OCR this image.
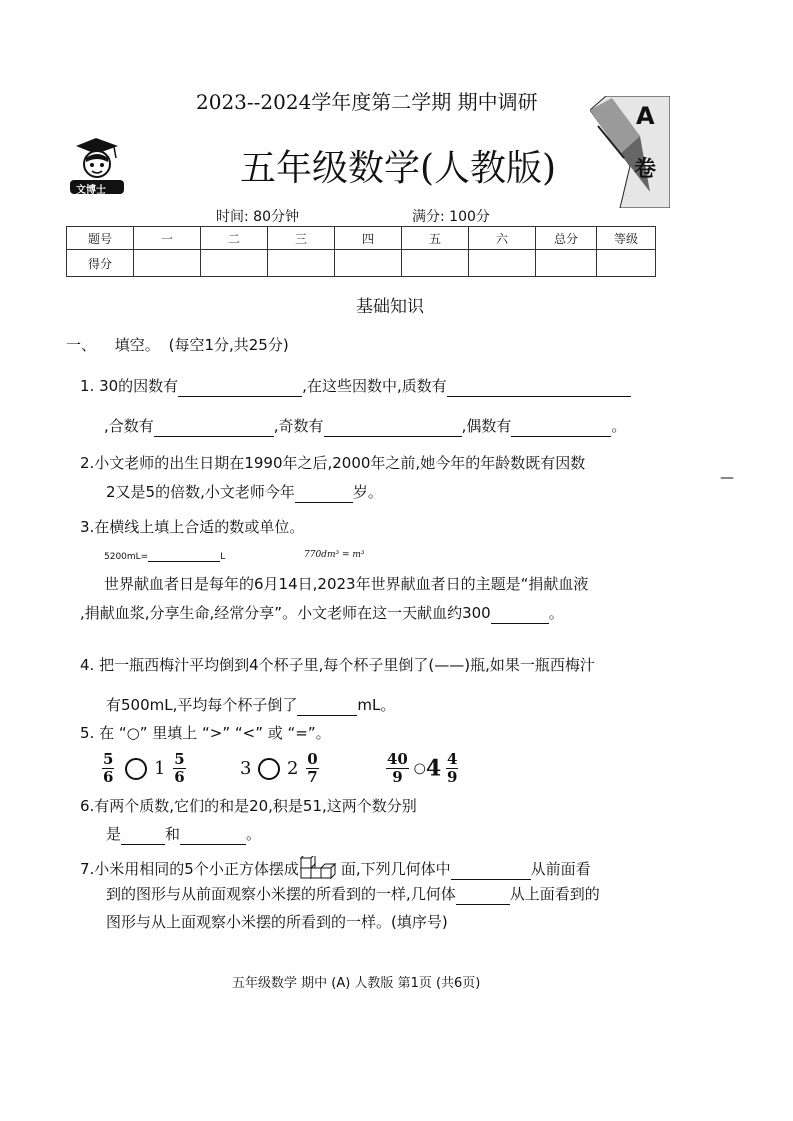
2023--2024学年度第二学期 期中调研
文博士
五年级数学(人教版)
A
卷
时间: 80分钟	满分: 100分
题号	一	二	三	四	五	六	总分	等级
得分								
基础知识
一、 填空。 (每空1分,共25分)
1. 30的因数有	,在这些因数中,质数有
,合数有	,奇数有	,偶数有	。
2.小文老师的出生日期在1990年之后,2000年之前,她今年的年龄数既有因数
2又是5的倍数,小文老师今年	岁。
—
3.在横线上填上合适的数或单位。
5200mL=	L	770dm³ = m³
世界献血者日是每年的6月14日,2023年世界献血者日的主题是“捐献血液
,捐献血浆,分享生命,经常分享”。小文老师在这一天献血约300	。
4. 把一瓶西梅汁平均倒到4个杯子里,每个杯子里倒了(——)瓶,如果一瓶西梅汁
有500mL,平均每个杯子倒了	mL。
5. 在 “○” 里填上 “>” “<” 或 “=”。
$\frac{5}{6} 1 \frac{5}{6}$	3 $2 \frac{0}{7}$	$\frac{40}{9}$ ○4 $\frac{4}{9}$
6.有两个质数,它们的和是20,积是51,这两个数分别
是	和	。
7.小米用相同的5个小正方体摆成	面,下列几何体中	从前面看
到的图形与从前面观察小米摆的所看到的一样,几何体	从上面看到的
图形与从上面观察小米摆的所看到的一样。(填序号)
五年级数学 期中 (A) 人教版 第1页 (共6页)
